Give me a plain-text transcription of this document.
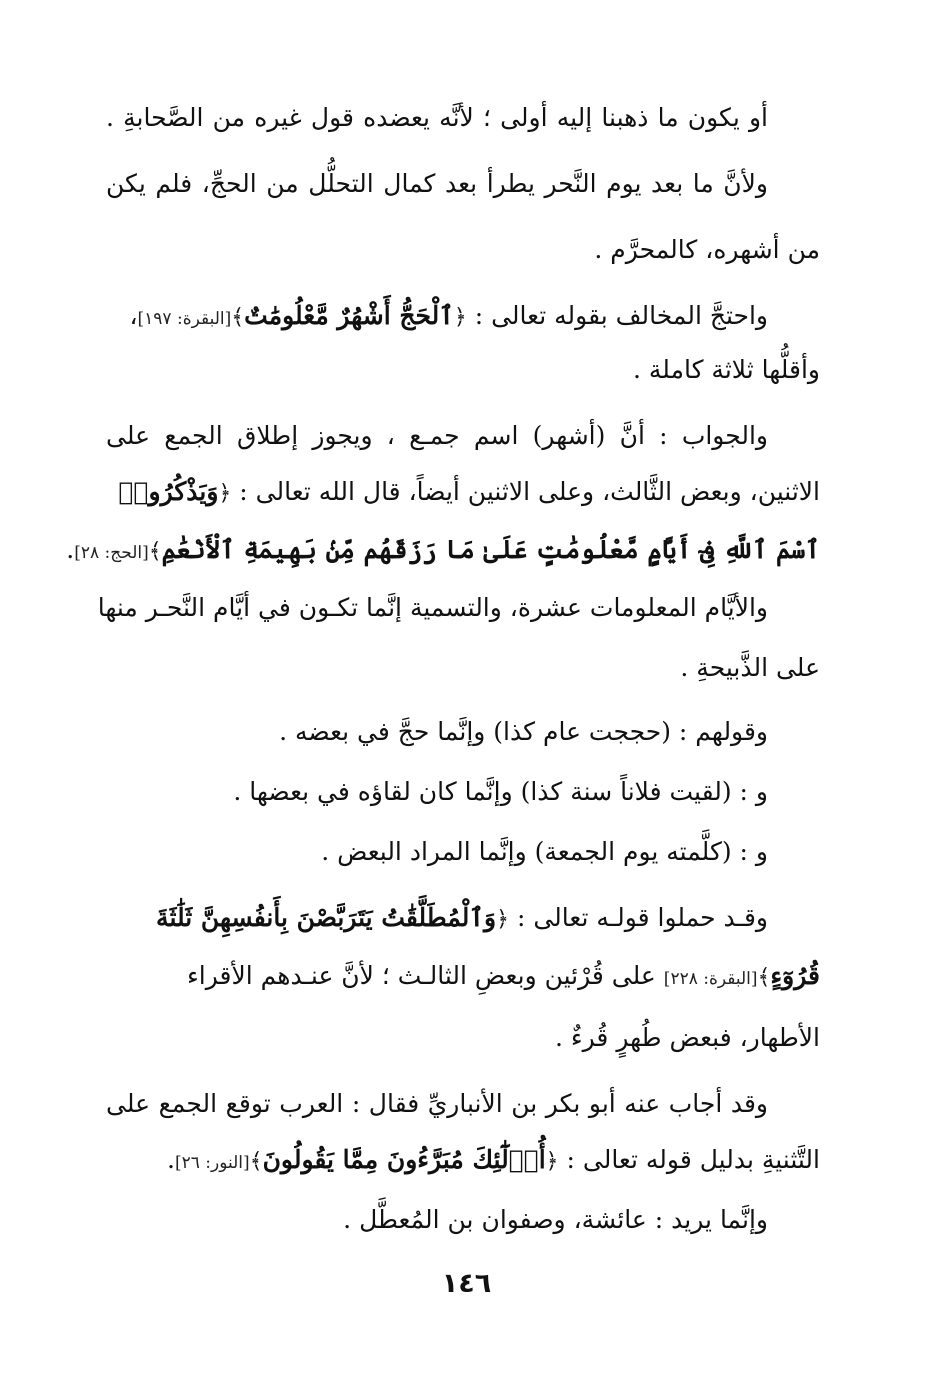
أو يكون ما ذهبنا إليه أولى ؛ لأنَّه يعضده قول غيره من الصَّحابةِ .
ولأنَّ ما بعد يوم النَّحر يطرأ بعد كمال التحلُّل من الحجِّ، فلم يكن
من أشهره، كالمحرَّم .
واحتجَّ المخالف بقوله تعالى : ﴿ٱلْحَجُّ أَشْهُرٌ مَّعْلُومَٰتٌ﴾[البقرة: ١٩٧]،
وأقلُّها ثلاثة كاملة .
والجواب : أنَّ (أشهر) اسم جمـع ، ويجوز إطلاق الجمع على
الاثنين، وبعض الثَّالث، وعلى الاثنين أيضاً، قال الله تعالى : ﴿وَيَذْكُرُوا۟
ٱسْمَ ٱللَّهِ فِىٓ أَيَّامٍ مَّعْلُومَٰتٍ عَلَىٰ مَا رَزَقَهُم مِّنۢ بَهِيمَةِ ٱلْأَنْعَٰمِ﴾[الحج: ٢٨].
والأيَّام المعلومات عشرة، والتسمية إنَّما تكـون في أيَّام النَّحـر منها
على الذَّبيحةِ .
وقولهم : (حججت عام كذا) وإنَّما حجَّ في بعضه .
و : (لقيت فلاناً سنة كذا) وإنَّما كان لقاؤه في بعضها .
و : (كلَّمته يوم الجمعة) وإنَّما المراد البعض .
وقـد حملوا قولـه تعالى : ﴿وَٱلْمُطَلَّقَٰتُ يَتَرَبَّصْنَ بِأَنفُسِهِنَّ ثَلَٰثَةَ
قُرُوٓءٍ﴾[البقرة: ٢٢٨] على قُرْئين وبعضِ الثالـث ؛ لأنَّ عنـدهم الأقراء
الأطهار، فبعض طُهرٍ قُرءٌ .
وقد أجاب عنه أبو بكر بن الأنباريِّ فقال : العرب توقع الجمع على
التَّثنيةِ بدليل قوله تعالى : ﴿أُو۟لَٰٓئِكَ مُبَرَّءُونَ مِمَّا يَقُولُونَ﴾[النور: ٢٦].
وإنَّما يريد : عائشة، وصفوان بن المُعطَّل .
١٤٦
